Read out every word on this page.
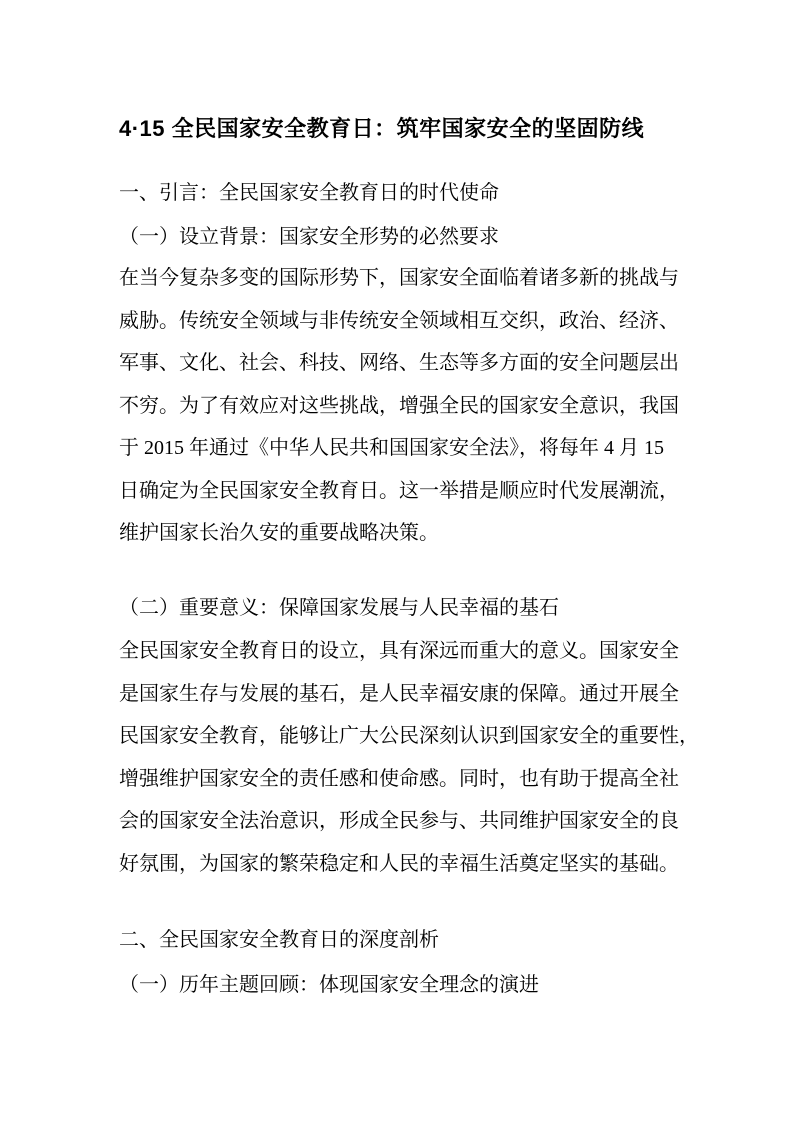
4·15 全民国家安全教育日：筑牢国家安全的坚固防线
一、引言：全民国家安全教育日的时代使命
（一）设立背景：国家安全形势的必然要求
在当今复杂多变的国际形势下，国家安全面临着诸多新的挑战与
威胁。传统安全领域与非传统安全领域相互交织，政治、经济、
军事、文化、社会、科技、网络、生态等多方面的安全问题层出
不穷。为了有效应对这些挑战，增强全民的国家安全意识，我国
于 2015 年通过《中华人民共和国国家安全法》，将每年 4 月 15
日确定为全民国家安全教育日。这一举措是顺应时代发展潮流，
维护国家长治久安的重要战略决策。
（二）重要意义：保障国家发展与人民幸福的基石
全民国家安全教育日的设立，具有深远而重大的意义。国家安全
是国家生存与发展的基石，是人民幸福安康的保障。通过开展全
民国家安全教育，能够让广大公民深刻认识到国家安全的重要性，
增强维护国家安全的责任感和使命感。同时，也有助于提高全社
会的国家安全法治意识，形成全民参与、共同维护国家安全的良
好氛围，为国家的繁荣稳定和人民的幸福生活奠定坚实的基础。
二、全民国家安全教育日的深度剖析
（一）历年主题回顾：体现国家安全理念的演进
